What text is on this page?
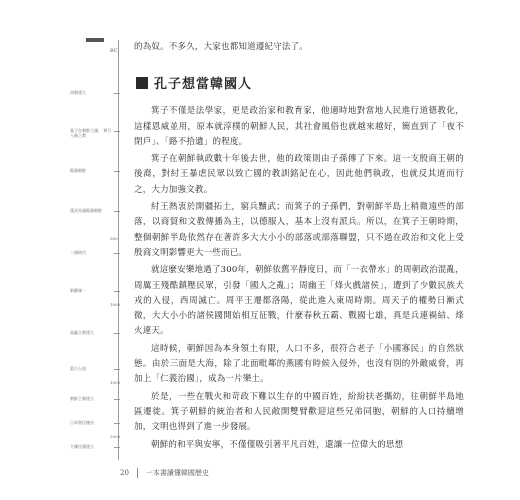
BC
周朝建立
箕子在朝鮮立國， 實行八條之教
衛滿朝鮮
漢武帝滅衛滿朝鮮
500
三國時代
新羅統一
1000
高麗王朝建立
蒙古入侵
1500
朝鮮王朝建立
日本殖民統治
2000
大韓民國建立

的為奴。不多久，大家也都知道遵紀守法了。

孔子想當韓國人

箕子不僅是法學家，更是政治家和教育家，他適時地對當地人民進行道德教化，這樣恩威並用，原本就淳樸的朝鮮人民，其社會風俗也就越來越好，簡直到了「夜不閉戶」、「路不拾遺」的程度。

箕子在朝鮮執政數十年後去世，他的政策則由子孫傳了下來。這一支殷商王朝的後裔，對紂王暴虐民眾以致亡國的教訓銘記在心，因此他們執政，也就反其道而行之，大力加強文教。

紂王熱衷於開疆拓土，窮兵黷武；而箕子的子孫們，對朝鮮半島上稍微遠些的部落，以商貿和文教傳播為主，以德服人，基本上沒有派兵。所以，在箕子王朝時期，整個朝鮮半島依然存在著許多大大小小的部落或部落聯盟，只不過在政治和文化上受殷商文明影響更大一些而已。

就這麼安樂地過了300年，朝鮮依舊平靜度日，而「一衣帶水」的周朝政治混亂，周厲王殘酷鎮壓民眾，引發「國人之亂」；周幽王「烽火戲諸侯」，遭到了少數民族犬戎的入侵，西周滅亡。周平王遷都洛陽，從此進入東周時期。周天子的權勢日漸式微，大大小小的諸侯國開始相互征戰，什麼春秋五霸、戰國七雄，真是兵連禍結、烽火連天。

這時候，朝鮮因為本身領土有限，人口不多，很符合老子「小國寡民」的自然狀態。由於三面是大海，除了北面毗鄰的燕國有時候入侵外，也沒有別的外敵威脅，再加上「仁義治國」，成為一片樂土。

於是，一些在戰火和苛政下難以生存的中國百姓，紛紛扶老攜幼，往朝鮮半島地區遷徙。箕子朝鮮的統治者和人民敞開雙臂歡迎這些兄弟同胞，朝鮮的人口持續增加，文明也得到了進一步發展。

朝鮮的和平與安寧，不僅僅吸引著平凡百姓，還讓一位偉大的思想

20 一本書讀懂韓國歷史
